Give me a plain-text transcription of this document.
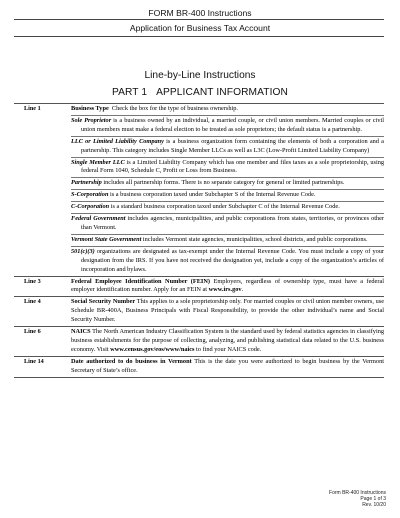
FORM BR-400 Instructions
Application for Business Tax Account
Line-by-Line Instructions
PART 1 APPLICANT INFORMATION
Line 1	Business Type Check the box for the type of business ownership.
Sole Proprietor is a business owned by an individual, a married couple, or civil union members. Married couples or civil union members must make a federal election to be treated as sole proprietors; the default status is a partnership.
LLC or Limited Liability Company is a business organization form containing the elements of both a corporation and a partnership. This category includes Single Member LLCs as well as L3C (Low-Profit Limited Liability Company)
Single Member LLC is a Limited Liability Company which has one member and files taxes as a sole proprietorship, using federal Form 1040, Schedule C, Profit or Loss from Business.
Partnership includes all partnership forms. There is no separate category for general or limited partnerships.
S-Corporation is a business corporation taxed under Subchapter S of the Internal Revenue Code.
C-Corporation is a standard business corporation taxed under Subchapter C of the Internal Revenue Code.
Federal Government includes agencies, municipalities, and public corporations from states, territories, or provinces other than Vermont.
Vermont State Government includes Vermont state agencies, municipalities, school districts, and public corporations.
501(c)(3) organizations are designated as tax-exempt under the Internal Revenue Code. You must include a copy of your designation from the IRS. If you have not received the designation yet, include a copy of the organization’s articles of incorporation and bylaws.
Line 3	Federal Employee Identification Number (FEIN) Employers, regardless of ownership type, must have a federal employer identification number. Apply for an FEIN at www.irs.gov.
Line 4	Social Security Number This applies to a sole proprietorship only. For married couples or civil union member owners, use Schedule BR-400A, Business Principals with Fiscal Responsibility, to provide the other individual’s name and Social Security Number.
Line 6	NAICS The North American Industry Classification System is the standard used by federal statistics agencies in classifying business establishments for the purpose of collecting, analyzing, and publishing statistical data related to the U.S. business economy. Visit www.census.gov/eos/www/naics to find your NAICS code.
Line 14	Date authorized to do business in Vermont This is the date you were authorized to begin business by the Vermont Secretary of State’s office.
Form BR-400 Instructions
Page 1 of 3
Rev. 10/20
